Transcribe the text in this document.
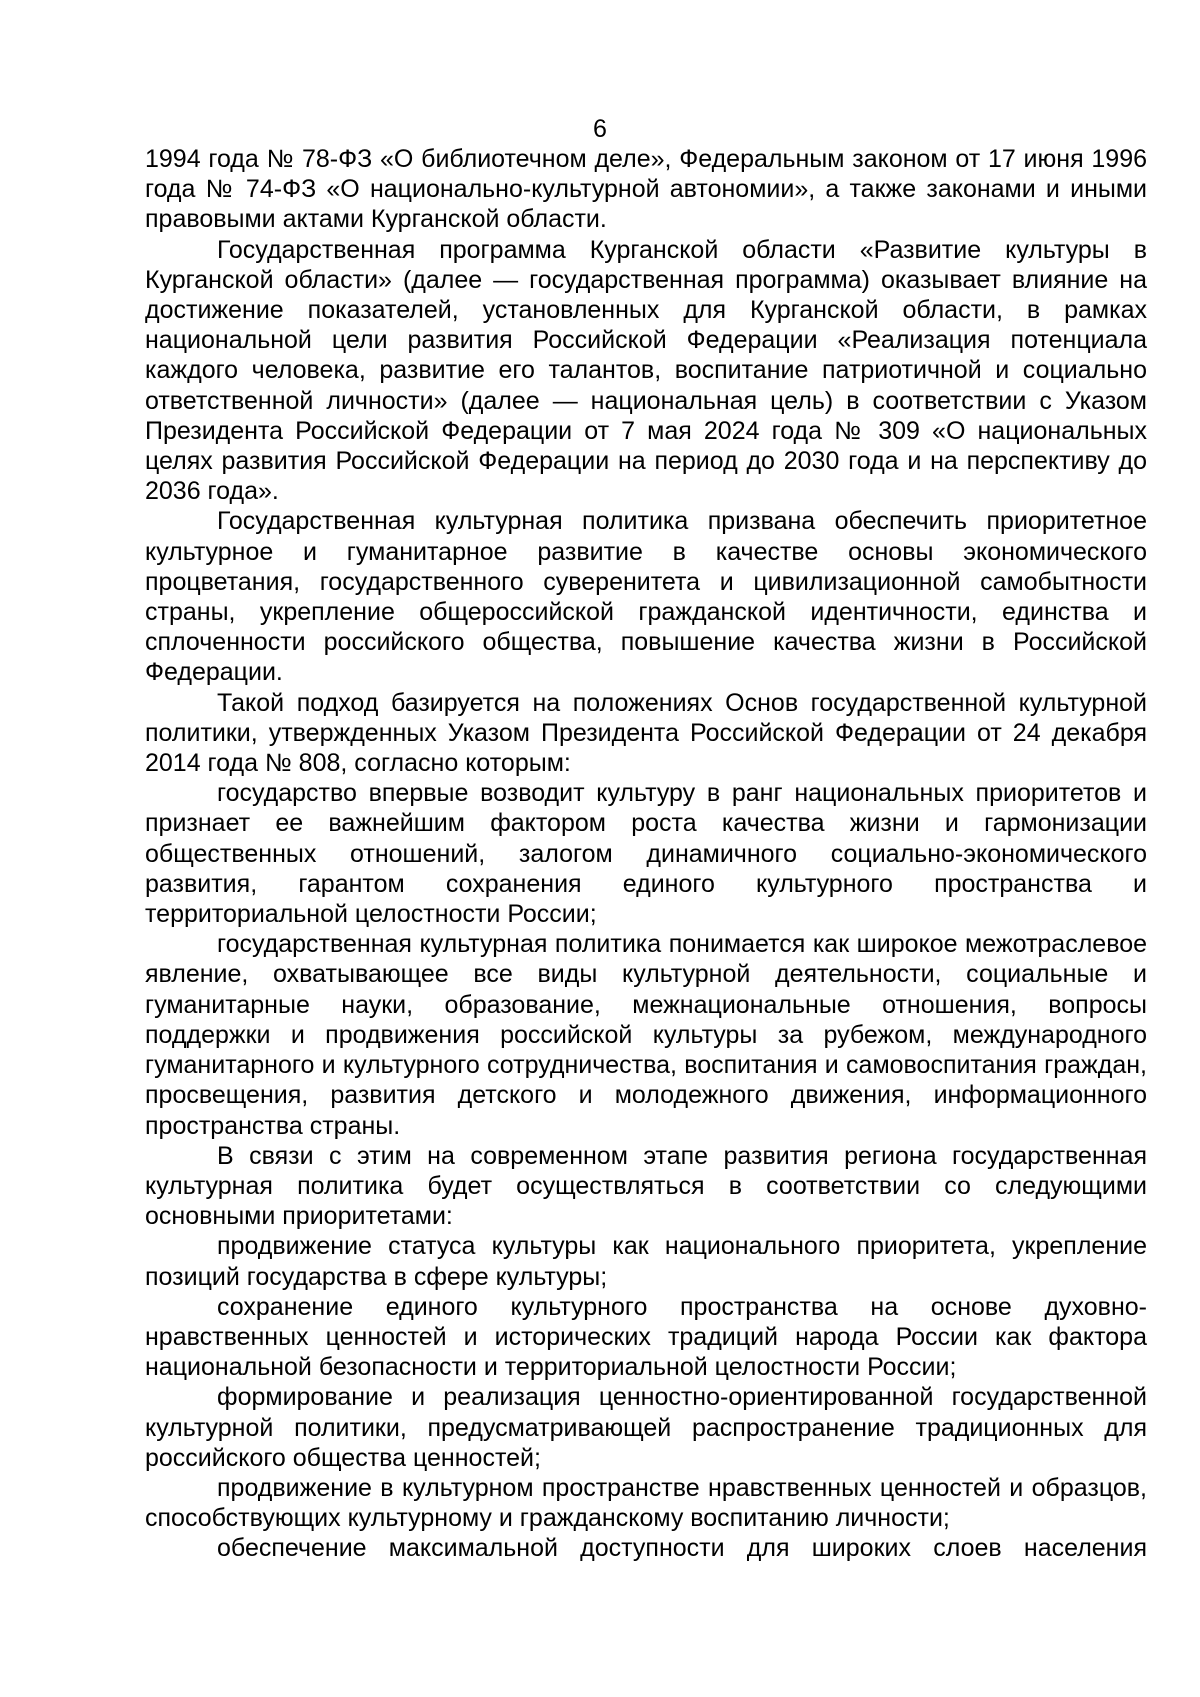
6

1994 года № 78-ФЗ «О библиотечном деле», Федеральным законом от 17 июня 1996 года № 74-ФЗ «О национально-культурной автономии», а также законами и иными правовыми актами Курганской области.

Государственная программа Курганской области «Развитие культуры в Курганской области» (далее — государственная программа) оказывает влияние на достижение показателей, установленных для Курганской области, в рамках национальной цели развития Российской Федерации «Реализация потенциала каждого человека, развитие его талантов, воспитание патриотичной и социально ответственной личности» (далее — национальная цель) в соответствии с Указом Президента Российской Федерации от 7 мая 2024 года № 309 «О национальных целях развития Российской Федерации на период до 2030 года и на перспективу до 2036 года».

Государственная культурная политика призвана обеспечить приоритетное культурное и гуманитарное развитие в качестве основы экономического процветания, государственного суверенитета и цивилизационной самобытности страны, укрепление общероссийской гражданской идентичности, единства и сплоченности российского общества, повышение качества жизни в Российской Федерации.

Такой подход базируется на положениях Основ государственной культурной политики, утвержденных Указом Президента Российской Федерации от 24 декабря 2014 года № 808, согласно которым:

государство впервые возводит культуру в ранг национальных приоритетов и признает ее важнейшим фактором роста качества жизни и гармонизации общественных отношений, залогом динамичного социально-экономического развития, гарантом сохранения единого культурного пространства и территориальной целостности России;

государственная культурная политика понимается как широкое межотраслевое явление, охватывающее все виды культурной деятельности, социальные и гуманитарные науки, образование, межнациональные отношения, вопросы поддержки и продвижения российской культуры за рубежом, международного гуманитарного и культурного сотрудничества, воспитания и самовоспитания граждан, просвещения, развития детского и молодежного движения, информационного пространства страны.

В связи с этим на современном этапе развития региона государственная культурная политика будет осуществляться в соответствии со следующими основными приоритетами:

продвижение статуса культуры как национального приоритета, укрепление позиций государства в сфере культуры;

сохранение единого культурного пространства на основе духовно-нравственных ценностей и исторических традиций народа России как фактора национальной безопасности и территориальной целостности России;

формирование и реализация ценностно-ориентированной государственной культурной политики, предусматривающей распространение традиционных для российского общества ценностей;

продвижение в культурном пространстве нравственных ценностей и образцов, способствующих культурному и гражданскому воспитанию личности;

обеспечение максимальной доступности для широких слоев населения
